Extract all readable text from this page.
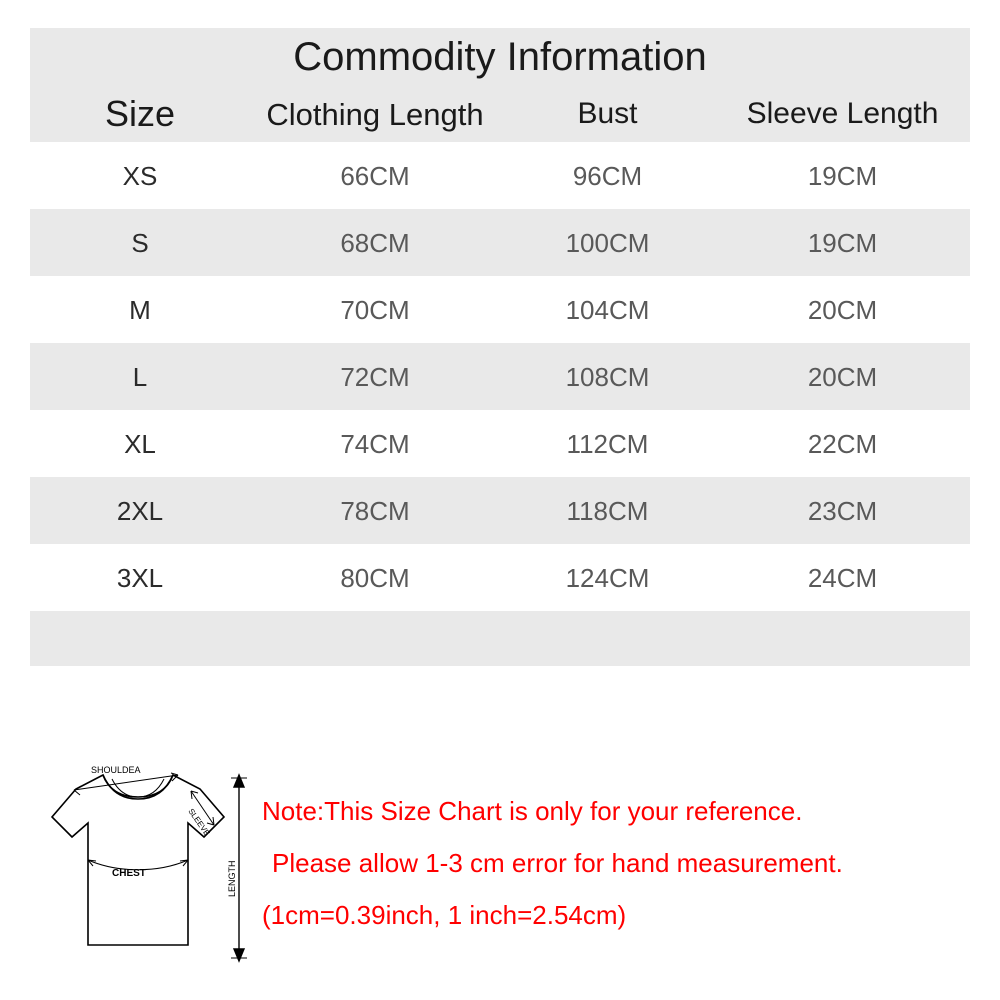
Commodity Information
Size	Clothing Length	Bust	Sleeve Length
XS	66CM	96CM	19CM
S	68CM	100CM	19CM
M	70CM	104CM	20CM
L	72CM	108CM	20CM
XL	74CM	112CM	22CM
2XL	78CM	118CM	23CM
3XL	80CM	124CM	24CM
SHOULDEA
SLEEVE
CHEST	LENGTH
Note:This Size Chart is only for your reference.
Please allow 1-3 cm error for hand measurement.
(1cm=0.39inch, 1 inch=2.54cm)
